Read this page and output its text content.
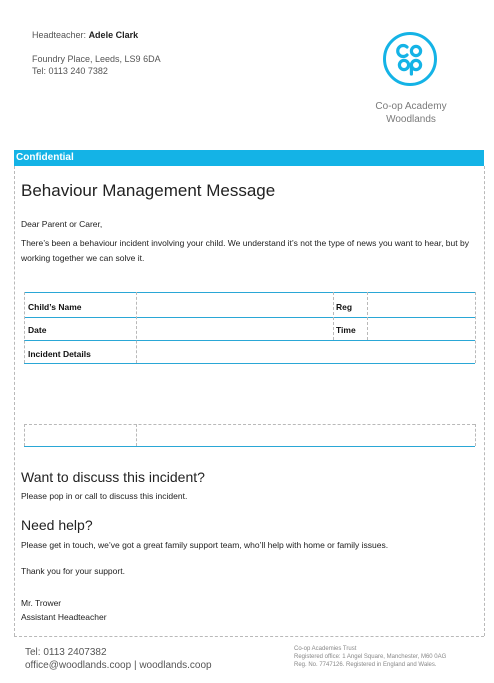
Headteacher: Adele Clark
Foundry Place, Leeds, LS9 6DA
Tel: 0113 240 7382
Co-op Academy
Woodlands
Confidential
Behaviour Management Message
Dear Parent or Carer,
There’s been a behaviour incident involving your child. We understand it’s not the type of news you want to hear, but by working together we can solve it.
Child’s Name	Reg
Date	Time
Incident Details
Want to discuss this incident?
Please pop in or call to discuss this incident.
Need help?
Please get in touch, we’ve got a great family support team, who’ll help with home or family issues.
Thank you for your support.
Mr. Trower
Assistant Headteacher
Tel: 0113 2407382
office@woodlands.coop | woodlands.coop
Co-op Academies Trust
Registered office: 1 Angel Square, Manchester, M60 0AG
Reg. No. 7747126. Registered in England and Wales.
